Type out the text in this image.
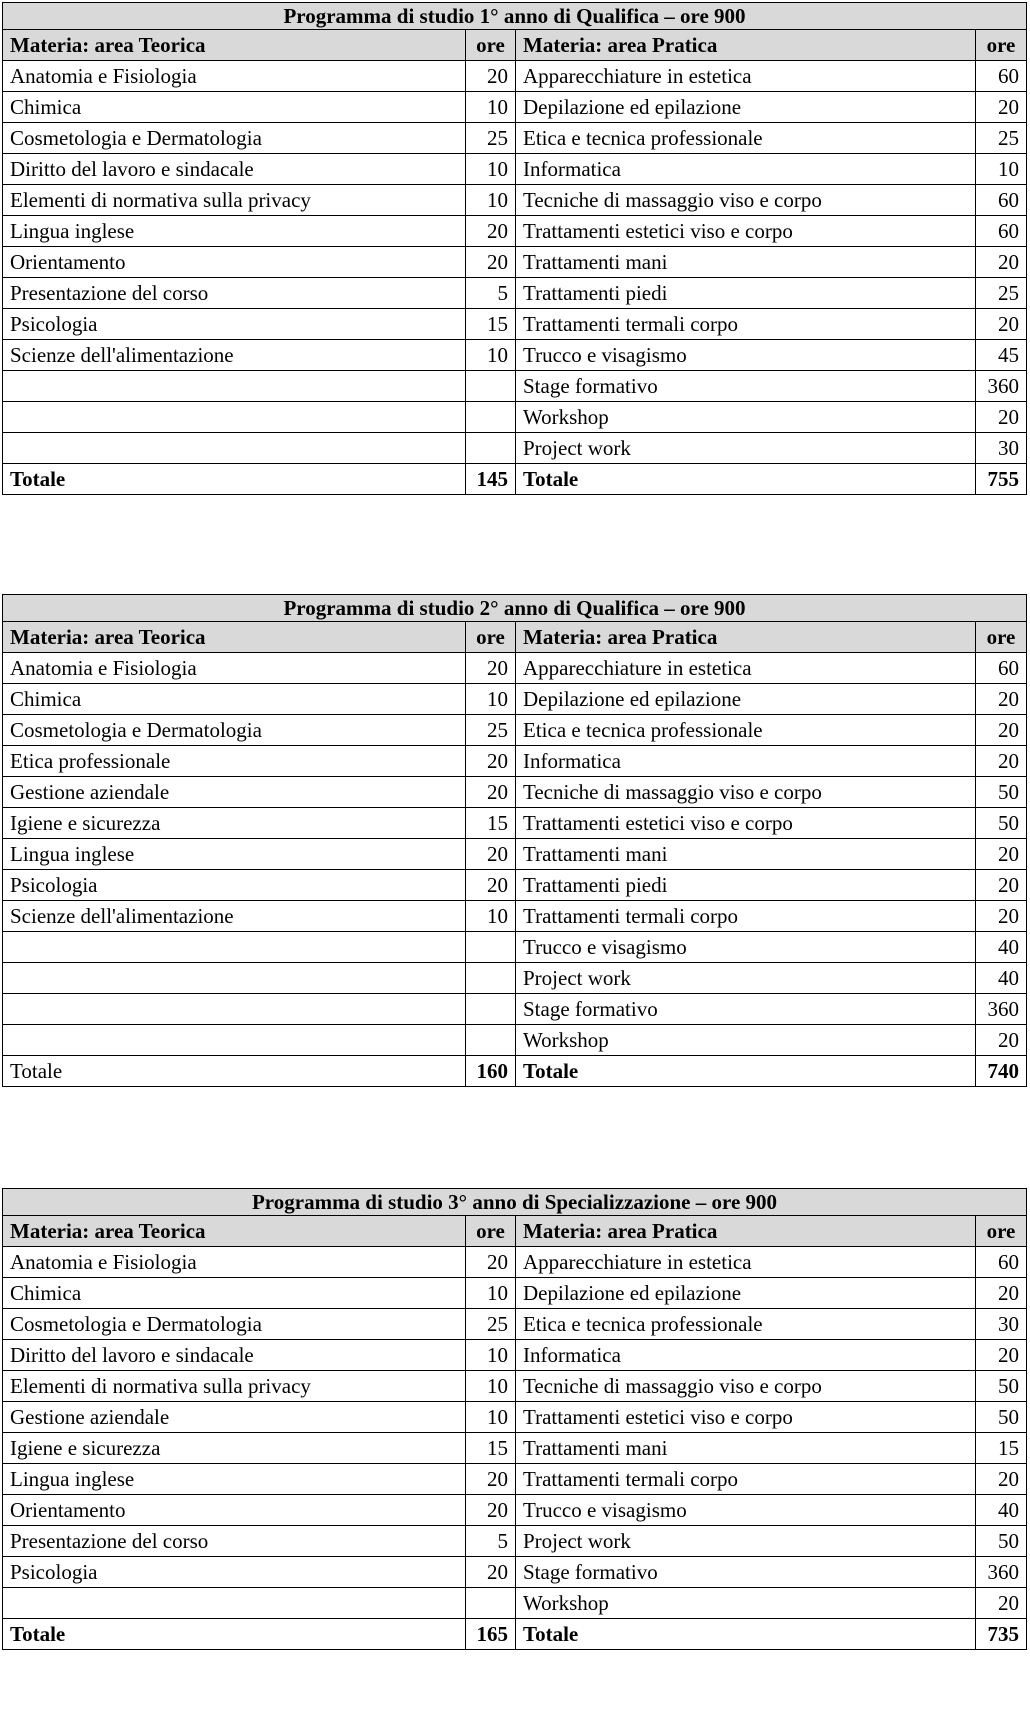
Programma di studio 1° anno di Qualifica – ore 900			
Materia: area Teorica	ore	Materia: area Pratica	ore
Anatomia e Fisiologia	20	Apparecchiature in estetica	60
Chimica	10	Depilazione ed epilazione	20
Cosmetologia e Dermatologia	25	Etica e tecnica professionale	25
Diritto del lavoro e sindacale	10	Informatica	10
Elementi di normativa sulla privacy	10	Tecniche di massaggio viso e corpo	60
Lingua inglese	20	Trattamenti estetici viso e corpo	60
Orientamento	20	Trattamenti mani	20
Presentazione del corso	5	Trattamenti piedi	25
Psicologia	15	Trattamenti termali corpo	20
Scienze dell'alimentazione	10	Trucco e visagismo	45
		Stage formativo	360
		Workshop	20
		Project work	30
Totale	145	Totale	755
Programma di studio 2° anno di Qualifica – ore 900			
Materia: area Teorica	ore	Materia: area Pratica	ore
Anatomia e Fisiologia	20	Apparecchiature in estetica	60
Chimica	10	Depilazione ed epilazione	20
Cosmetologia e Dermatologia	25	Etica e tecnica professionale	20
Etica professionale	20	Informatica	20
Gestione aziendale	20	Tecniche di massaggio viso e corpo	50
Igiene e sicurezza	15	Trattamenti estetici viso e corpo	50
Lingua inglese	20	Trattamenti mani	20
Psicologia	20	Trattamenti piedi	20
Scienze dell'alimentazione	10	Trattamenti termali corpo	20
		Trucco e visagismo	40
		Project work	40
		Stage formativo	360
		Workshop	20
Totale	160	Totale	740
Programma di studio 3° anno di Specializzazione – ore 900			
Materia: area Teorica	ore	Materia: area Pratica	ore
Anatomia e Fisiologia	20	Apparecchiature in estetica	60
Chimica	10	Depilazione ed epilazione	20
Cosmetologia e Dermatologia	25	Etica e tecnica professionale	30
Diritto del lavoro e sindacale	10	Informatica	20
Elementi di normativa sulla privacy	10	Tecniche di massaggio viso e corpo	50
Gestione aziendale	10	Trattamenti estetici viso e corpo	50
Igiene e sicurezza	15	Trattamenti mani	15
Lingua inglese	20	Trattamenti termali corpo	20
Orientamento	20	Trucco e visagismo	40
Presentazione del corso	5	Project work	50
Psicologia	20	Stage formativo	360
		Workshop	20
Totale	165	Totale	735
